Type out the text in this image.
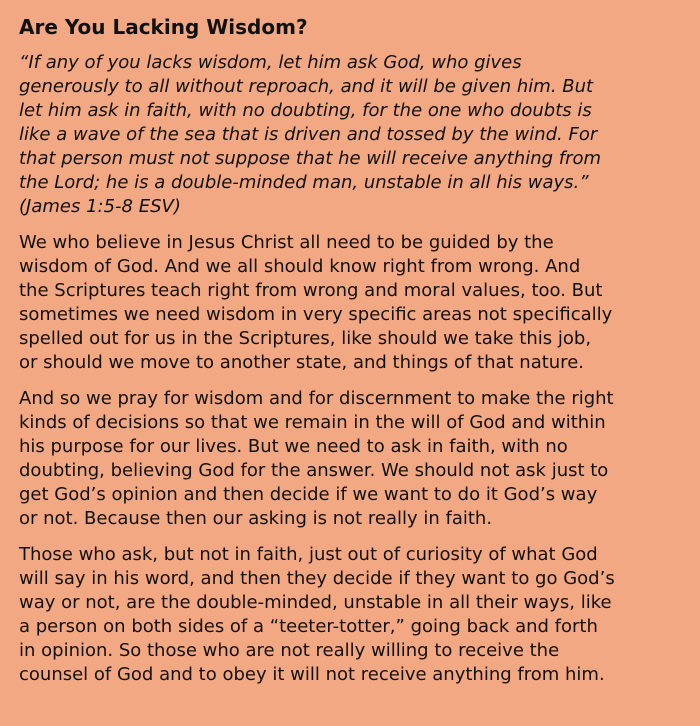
Are You Lacking Wisdom?

“If any of you lacks wisdom, let him ask God, who gives
generously to all without reproach, and it will be given him. But
let him ask in faith, with no doubting, for the one who doubts is
like a wave of the sea that is driven and tossed by the wind. For
that person must not suppose that he will receive anything from
the Lord; he is a double-minded man, unstable in all his ways.”
(James 1:5-8 ESV)

We who believe in Jesus Christ all need to be guided by the
wisdom of God. And we all should know right from wrong. And
the Scriptures teach right from wrong and moral values, too. But
sometimes we need wisdom in very specific areas not specifically
spelled out for us in the Scriptures, like should we take this job,
or should we move to another state, and things of that nature.

And so we pray for wisdom and for discernment to make the right
kinds of decisions so that we remain in the will of God and within
his purpose for our lives. But we need to ask in faith, with no
doubting, believing God for the answer. We should not ask just to
get God’s opinion and then decide if we want to do it God’s way
or not. Because then our asking is not really in faith.

Those who ask, but not in faith, just out of curiosity of what God
will say in his word, and then they decide if they want to go God’s
way or not, are the double-minded, unstable in all their ways, like
a person on both sides of a “teeter-totter,” going back and forth
in opinion. So those who are not really willing to receive the
counsel of God and to obey it will not receive anything from him.
